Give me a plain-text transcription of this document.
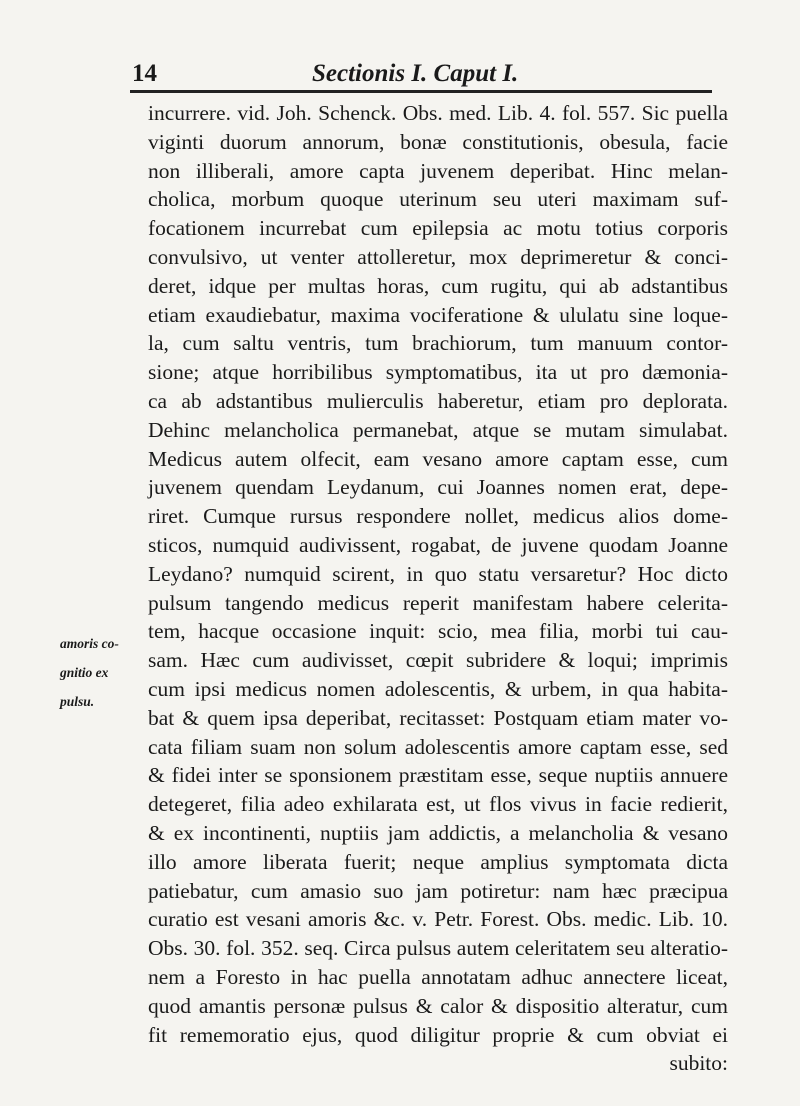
14	Sectionis I. Caput I.
amoris co-
gnitio ex
pulsu.
incurrere. vid. Joh. Schenck. Obs. med. Lib. 4. fol. 557. Sic puella
viginti duorum annorum, bonæ constitutionis, obesula, facie
non illiberali, amore capta juvenem deperibat. Hinc melan-
cholica, morbum quoque uterinum seu uteri maximam suf-
focationem incurrebat cum epilepsia ac motu totius corporis
convulsivo, ut venter attolleretur, mox deprimeretur & conci-
deret, idque per multas horas, cum rugitu, qui ab adstantibus
etiam exaudiebatur, maxima vociferatione & ululatu sine loque-
la, cum saltu ventris, tum brachiorum, tum manuum contor-
sione; atque horribilibus symptomatibus, ita ut pro dæmonia-
ca ab adstantibus mulierculis haberetur, etiam pro deplorata.
Dehinc melancholica permanebat, atque se mutam simulabat.
Medicus autem olfecit, eam vesano amore captam esse, cum
juvenem quendam Leydanum, cui Joannes nomen erat, depe-
riret. Cumque rursus respondere nollet, medicus alios dome-
sticos, numquid audivissent, rogabat, de juvene quodam Joanne
Leydano? numquid scirent, in quo statu versaretur? Hoc dicto
pulsum tangendo medicus reperit manifestam habere celerita-
tem, hacque occasione inquit: scio, mea filia, morbi tui cau-
sam. Hæc cum audivisset, cœpit subridere & loqui; imprimis
cum ipsi medicus nomen adolescentis, & urbem, in qua habita-
bat & quem ipsa deperibat, recitasset: Postquam etiam mater vo-
cata filiam suam non solum adolescentis amore captam esse, sed
& fidei inter se sponsionem præstitam esse, seque nuptiis annuere
detegeret, filia adeo exhilarata est, ut flos vivus in facie redierit,
& ex incontinenti, nuptiis jam addictis, a melancholia & vesano
illo amore liberata fuerit; neque amplius symptomata dicta
patiebatur, cum amasio suo jam potiretur: nam hæc præcipua
curatio est vesani amoris &c. v. Petr. Forest. Obs. medic. Lib. 10.
Obs. 30. fol. 352. seq. Circa pulsus autem celeritatem seu alteratio-
nem a Foresto in hac puella annotatam adhuc annectere liceat,
quod amantis personæ pulsus & calor & dispositio alteratur, cum
fit rememoratio ejus, quod diligitur proprie & cum obviat ei
subito:
